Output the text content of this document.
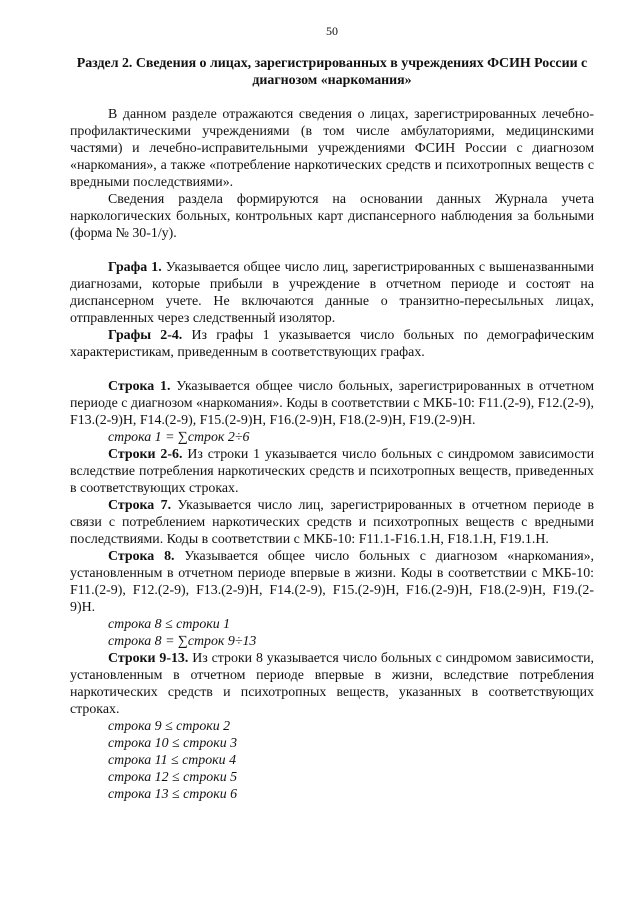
50
Раздел 2. Сведения о лицах, зарегистрированных в учреждениях ФСИН России с диагнозом «наркомания»

В данном разделе отражаются сведения о лицах, зарегистрированных лечебно-профилактическими учреждениями (в том числе амбулаториями, медицинскими частями) и лечебно-исправительными учреждениями ФСИН России с диагнозом «наркомания», а также «потребление наркотических средств и психотропных веществ с вредными последствиями».

Сведения раздела формируются на основании данных Журнала учета наркологических больных, контрольных карт диспансерного наблюдения за больными (форма № 30-1/у).

Графа 1. Указывается общее число лиц, зарегистрированных с вышеназванными диагнозами, которые прибыли в учреждение в отчетном периоде и состоят на диспансерном учете. Не включаются данные о транзитно-пересыльных лицах, отправленных через следственный изолятор.

Графы 2-4. Из графы 1 указывается число больных по демографическим характеристикам, приведенным в соответствующих графах.

Строка 1. Указывается общее число больных, зарегистрированных в отчетном периоде с диагнозом «наркомания». Коды в соответствии с МКБ-10: F11.(2-9), F12.(2-9), F13.(2-9)Н, F14.(2-9), F15.(2-9)Н, F16.(2-9)Н, F18.(2-9)Н, F19.(2-9)Н.

строка 1 = ∑строк 2÷6

Строки 2-6. Из строки 1 указывается число больных с синдромом зависимости вследствие потребления наркотических средств и психотропных веществ, приведенных в соответствующих строках.

Строка 7. Указывается число лиц, зарегистрированных в отчетном периоде в связи с потреблением наркотических средств и психотропных веществ с вредными последствиями. Коды в соответствии с МКБ-10: F11.1-F16.1.Н, F18.1.Н, F19.1.Н.

Строка 8. Указывается общее число больных с диагнозом «наркомания», установленным в отчетном периоде впервые в жизни. Коды в соответствии с МКБ-10: F11.(2-9), F12.(2-9), F13.(2-9)Н, F14.(2-9), F15.(2-9)Н, F16.(2-9)Н, F18.(2-9)Н, F19.(2-9)Н.

строка 8 ≤ строки 1
строка 8 = ∑строк 9÷13

Строки 9-13. Из строки 8 указывается число больных с синдромом зависимости, установленным в отчетном периоде впервые в жизни, вследствие потребления наркотических средств и психотропных веществ, указанных в соответствующих строках.

строка 9 ≤ строки 2
строка 10 ≤ строки 3
строка 11 ≤ строки 4
строка 12 ≤ строки 5
строка 13 ≤ строки 6
